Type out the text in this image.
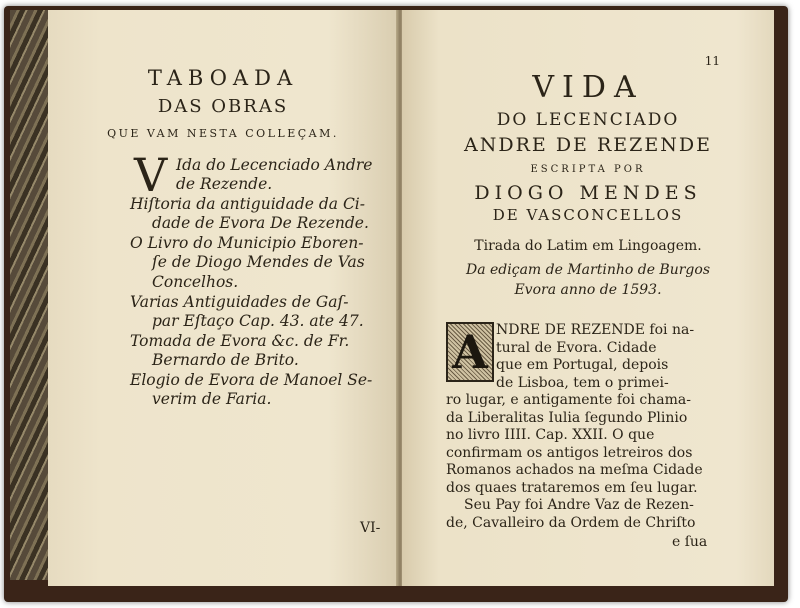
TABOADA
DAS OBRAS
QUE VAM NESTA COLLEÇAM.
V Ida do Lecenciado Andre
de Rezende.
Hiſtoria da antiguidade da Ci-
dade de Evora De Rezende.
O Livro do Municipio Eboren-
ſe de Diogo Mendes de Vas
Concelhos.
Varias Antiguidades de Gaſ-
par Eſtaço Cap. 43. ate 47.
Tomada de Evora &c. de Fr.
Bernardo de Brito.
Elogio de Evora de Manoel Se-
verim de Faria.
VI-
11
VIDA
DO LECENCIADO
ANDRE DE REZENDE
ESCRIPTA POR
DIOGO MENDES
DE VASCONCELLOS
Tirada do Latim em Lingoagem.
Da ediçam de Martinho de Burgos
Evora anno de 1593.
A NDRE DE REZENDE foi na-
tural de Evora. Cidade
que em Portugal, depois
de Lisboa, tem o primei-
ro lugar, e antigamente foi chama-
da Liberalitas Iulia ſegundo Plinio
no livro IIII. Cap. XXII. O que
confirmam os antigos letreiros dos
Romanos achados na meſma Cidade
dos quaes trataremos em ſeu lugar.
Seu Pay foi Andre Vaz de Rezen-
de, Cavalleiro da Ordem de Chriſto
e ſua
